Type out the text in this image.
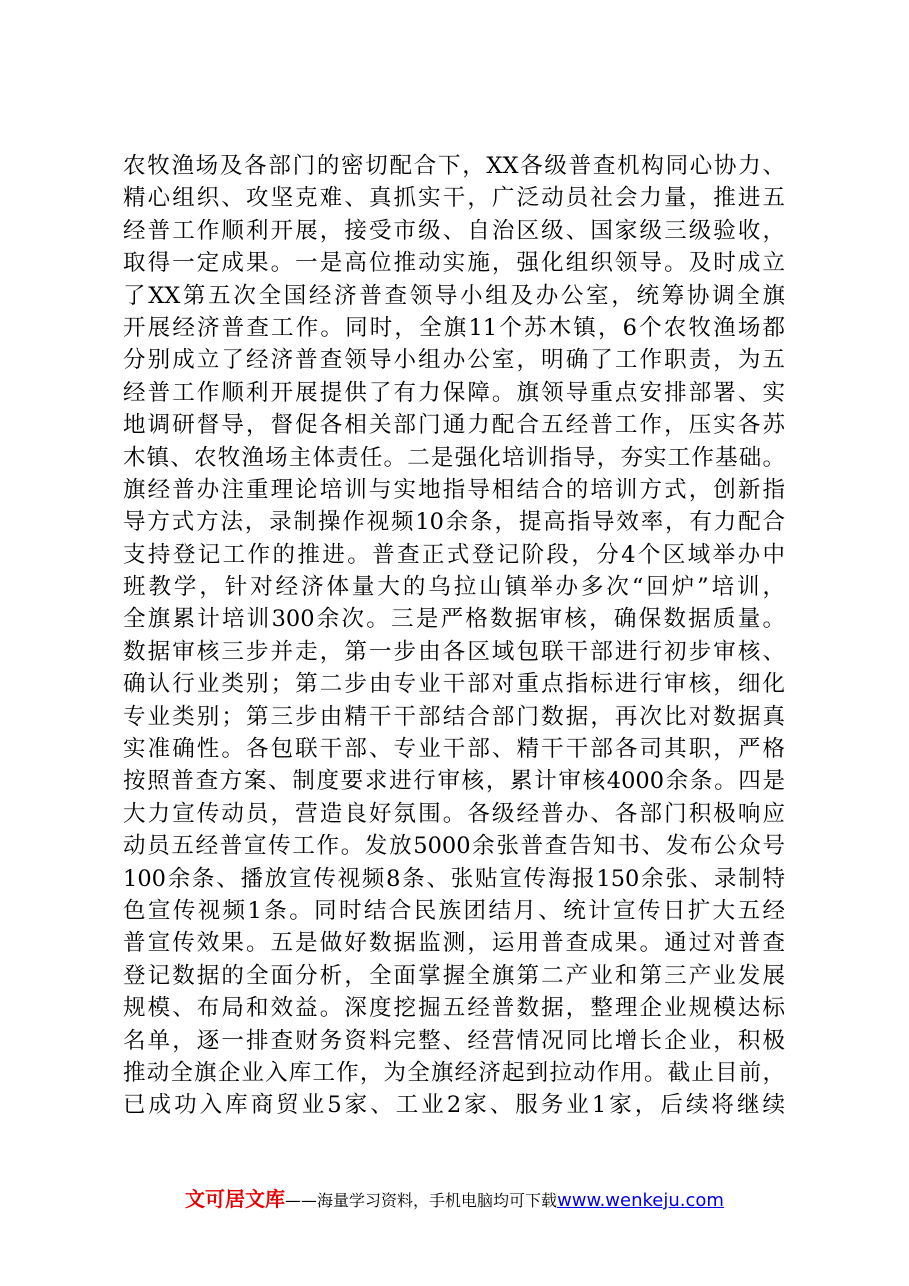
农牧渔场及各部门的密切配合下，XX各级普查机构同心协力、
精心组织、攻坚克难、真抓实干，广泛动员社会力量，推进五
经普工作顺利开展，接受市级、自治区级、国家级三级验收，
取得一定成果。一是高位推动实施，强化组织领导。及时成立
了XX第五次全国经济普查领导小组及办公室，统筹协调全旗
开展经济普查工作。同时，全旗11个苏木镇，6个农牧渔场都
分别成立了经济普查领导小组办公室，明确了工作职责，为五
经普工作顺利开展提供了有力保障。旗领导重点安排部署、实
地调研督导，督促各相关部门通力配合五经普工作，压实各苏
木镇、农牧渔场主体责任。二是强化培训指导，夯实工作基础。
旗经普办注重理论培训与实地指导相结合的培训方式，创新指
导方式方法，录制操作视频10余条，提高指导效率，有力配合
支持登记工作的推进。普查正式登记阶段，分4个区域举办中
班教学，针对经济体量大的乌拉山镇举办多次“回炉”培训，
全旗累计培训300余次。三是严格数据审核，确保数据质量。
数据审核三步并走，第一步由各区域包联干部进行初步审核、
确认行业类别；第二步由专业干部对重点指标进行审核，细化
专业类别；第三步由精干干部结合部门数据，再次比对数据真
实准确性。各包联干部、专业干部、精干干部各司其职，严格
按照普查方案、制度要求进行审核，累计审核4000余条。四是
大力宣传动员，营造良好氛围。各级经普办、各部门积极响应
动员五经普宣传工作。发放5000余张普查告知书、发布公众号
100余条、播放宣传视频8条、张贴宣传海报150余张、录制特
色宣传视频1条。同时结合民族团结月、统计宣传日扩大五经
普宣传效果。五是做好数据监测，运用普查成果。通过对普查
登记数据的全面分析，全面掌握全旗第二产业和第三产业发展
规模、布局和效益。深度挖掘五经普数据，整理企业规模达标
名单，逐一排查财务资料完整、经营情况同比增长企业，积极
推动全旗企业入库工作，为全旗经济起到拉动作用。截止目前，
已成功入库商贸业5家、工业2家、服务业1家，后续将继续
文可居文库——海量学习资料，手机电脑均可下载www.wenkeju.com
